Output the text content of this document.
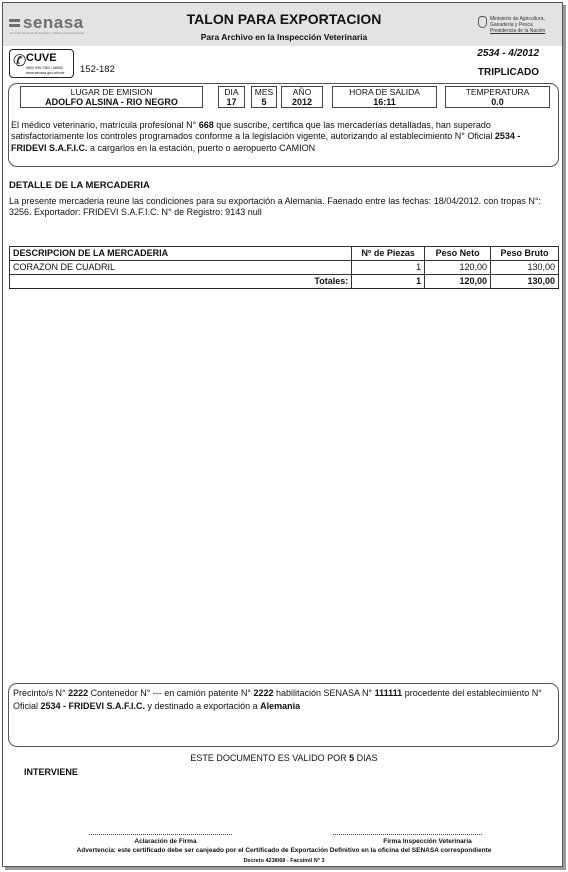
senasa
Servicio Nacional de Sanidad y Calidad Agroalimentaria
TALON PARA EXPORTACION
Para Archivo en la Inspección Veterinaria
Ministerio de Agricultura,
Ganadería y Pesca
Presidencia de la Nación
✆ CUVE
0800 999 7362 / #8000
www.senasa.gov.ar/cvfe 152-182
2534 - 4/2012
TRIPLICADO
LUGAR DE EMISION
ADOLFO ALSINA - RIO NEGRO
DIA
17
MES
5
AÑO
2012
HORA DE SALIDA
16:11
TEMPERATURA
0.0
El médico veterinario, matrícula profesional N° 668 que suscribe, certifica que las mercaderías detalladas, han superado satisfactoriamente los controles programados conforme a la legislación vigente, autorizando al establecimiento N° Oficial 2534 - FRIDEVI S.A.F.I.C. a cargarlos en la estación, puerto o aeropuerto CAMION
DETALLE DE LA MERCADERIA
La presente mercaderia reune las condiciones para su exportación a Alemania. Faenado entre las fechas: 18/04/2012. con tropas N°: 3256. Exportador: FRIDEVI S.A.F.I.C. N° de Registro: 9143 null
DESCRIPCION DE LA MERCADERIA	Nº de Piezas	Peso Neto	Peso Bruto
CORAZON DE CUADRIL	1	120,00	130,00
Totales:	1	120,00	130,00
Precinto/s N° 2222 Contenedor N° --- en camión patente N° 2222 habilitación SENASA N° 111111 procedente del establecimiento N° Oficial 2534 - FRIDEVI S.A.F.I.C. y destinado a exportación a Alemania
ESTE DOCUMENTO ES VALIDO POR 5 DIAS
INTERVIENE
Aclaración de Firma	Firma Inspección Veterinaria
Advertencia: este certificado debe ser canjeado por el Certificado de Exportación Definitivo en la oficina del SENASA correspondiente
Decreto 4238/68 - Facsimil N° 3
